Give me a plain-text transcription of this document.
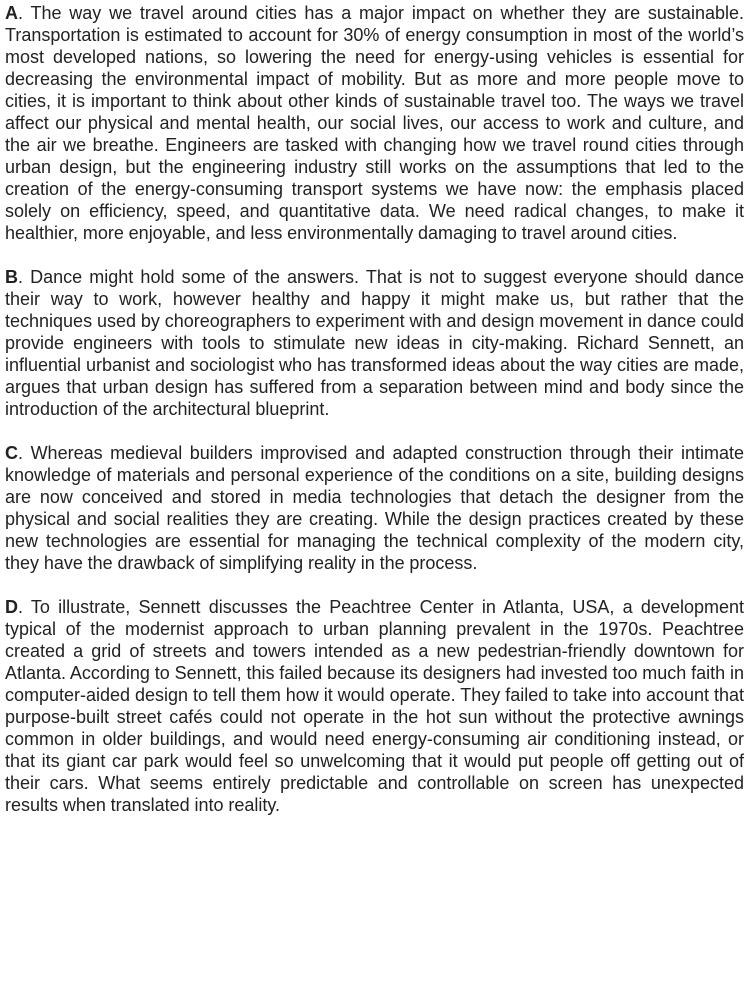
A. The way we travel around cities has a major impact on whether they are sustainable. Transportation is estimated to account for 30% of energy consumption in most of the world’s most developed nations, so lowering the need for energy-using vehicles is essential for decreasing the environmental impact of mobility. But as more and more people move to cities, it is important to think about other kinds of sustainable travel too. The ways we travel affect our physical and mental health, our social lives, our access to work and culture, and the air we breathe. Engineers are tasked with changing how we travel round cities through urban design, but the engineering industry still works on the assumptions that led to the creation of the energy-consuming transport systems we have now: the emphasis placed solely on efficiency, speed, and quantitative data. We need radical changes, to make it healthier, more enjoyable, and less environmentally damaging to travel around cities.

B. Dance might hold some of the answers. That is not to suggest everyone should dance their way to work, however healthy and happy it might make us, but rather that the techniques used by choreographers to experiment with and design movement in dance could provide engineers with tools to stimulate new ideas in city-making. Richard Sennett, an influential urbanist and sociologist who has transformed ideas about the way cities are made, argues that urban design has suffered from a separation between mind and body since the introduction of the architectural blueprint.

C. Whereas medieval builders improvised and adapted construction through their intimate knowledge of materials and personal experience of the conditions on a site, building designs are now conceived and stored in media technologies that detach the designer from the physical and social realities they are creating. While the design practices created by these new technologies are essential for managing the technical complexity of the modern city, they have the drawback of simplifying reality in the process.

D. To illustrate, Sennett discusses the Peachtree Center in Atlanta, USA, a development typical of the modernist approach to urban planning prevalent in the 1970s. Peachtree created a grid of streets and towers intended as a new pedestrian-friendly downtown for Atlanta. According to Sennett, this failed because its designers had invested too much faith in computer-aided design to tell them how it would operate. They failed to take into account that purpose-built street cafés could not operate in the hot sun without the protective awnings common in older buildings, and would need energy-consuming air conditioning instead, or that its giant car park would feel so unwelcoming that it would put people off getting out of their cars. What seems entirely predictable and controllable on screen has unexpected results when translated into reality.
